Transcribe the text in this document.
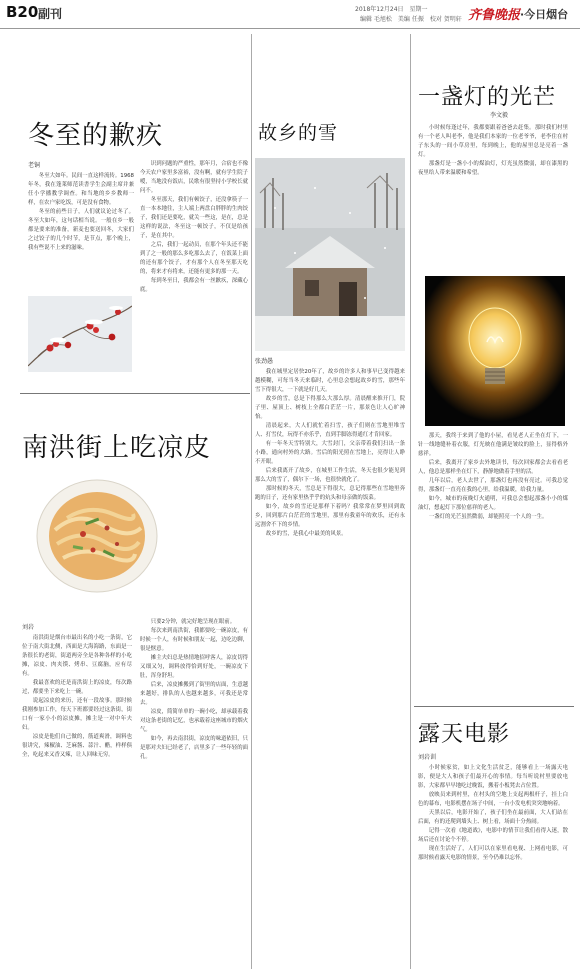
B20 副刊	2018年12月24日　星期一
编辑 毛旭松　美编 任振　校对 贺明轩 齐鲁晚报 ·今日烟台
冬至的歉疚
老铜

冬至大如年。民间一直这样流传。1968年冬，我在蓬莱师范读書学生会副主席并兼任小学播教学调查。和当地的乡乡教师一样，在农户家吃饭，可是没有食物。

冬至的前些日子，人们就议论过冬了。冬至大如年，这句话相当说。一般在乡一般都是要来的准备，新麦也要送回冬，大家们之过饺子的几个时节，是节点，那个晚上，我有些说不上来的滋味。

识到问题的严重性，那年月，合宿也不像今天农户家里多富裕，没有啊，就有学生院子嗳，当地没有饭店，民歌有很坚持小学校长就问不。

冬至那天，我们有顿饺子，还没拿筷子一直一本本地往，主人端上两盘白胖胖的生肉饺子，我们还是要吃，就关一些这，是在，总是这样的说法，冬至这一顿饺子，不仅是给孩子，是在其中。

之后，我们一起动员，在那个年头还不能到了之一般的那么多吃那么去了，在饭菜上面的还有那个饺子，才有那个人在冬至那天吃的，将来才有将来，还能有更多的那一天。

每到冬至日，我都会有一丝歉疚，深藏心底。

南洪街上吃凉皮
刘岩

南洪街是烟台市最出名的小吃一条街，它位于南大街北侧，西面是大海海路，东面是一条很长的老街，街道两旁全是各种各样的小吃摊，凉皮、肉夹馍、烤串、豆腐脑，应有尽有。

我最喜欢的还是南洪街上的凉皮，每次路过，都要坐下来吃上一碗。

说起凉皮的来历，还有一段故事。那时候我刚参加工作，每天下班都要经过这条街，街口有一家小小的凉皮摊，摊主是一对中年夫妇。

凉皮是他们自己做的，筋道爽滑，调料也很讲究，辣椒油、芝麻酱、蒜汁、醋，样样俱全，吃起来又香又辣，让人回味无穷。

只要2分钟，就完好地呈现在眼前。

每次来到南洪街，我都要吃一碗凉皮，有时候一个人，有时候和朋友一起，边吃边聊，很是惬意。

摊主夫妇总是热情地招呼客人，凉皮切得又细又匀，调料放得恰到好处，一碗凉皮下肚，浑身舒坦。

后来，凉皮摊搬到了街里的店面，生意越来越好，排队的人也越来越多，可我还是常去。

凉皮，简简单单的一碗小吃，却承载着我对这条老街的记忆，也承载着这座城市的烟火气。

如今，再去南洪街，凉皮的味道依旧，只是那对夫妇已经老了，店里多了一些年轻的面孔。

故乡的雪
张劲愚

我在城里定居快20年了，故乡的许多人和事早已变得越来越模糊，可每当冬天来临时，心里总会想起故乡的雪，那些年雪下得很大，一下就是好几天。

故乡的雪，总是下得那么大那么厚。清晨醒来推开门，院子里、屋顶上、树枝上全都白茫茫一片，那景色让人心旷神怡。

清晨起来，大人们就忙着扫雪，孩子们则在雪地里堆雪人、打雪仗，玩得不亦乐乎，直到手脚冻得通红才肯回家。

有一年冬天雪特别大，大雪封门，父亲带着我们扫出一条小路，通向村外的大路。雪后的阳光照在雪地上，亮得让人睁不开眼。

后来我离开了故乡，在城里工作生活，冬天也很少能见到那么大的雪了，偶尔下一场，也很快就化了。

那时候的冬天，雪总是下得很大，总记得那些在雪地里奔跑的日子，还有家里热乎乎的炕头和母亲做的饭菜。

如今，故乡的雪还是那样下着吗？我常常在梦里回到故乡，回到那片白茫茫的雪地里，那里有我童年的欢乐，还有永远割舍不下的乡情。

故乡的雪，是我心中最美的风景。

一盏灯的光芒
李文毅

小时候每逢过年，我都要跟着爸爸去赶集。那时我们村里有一个老人叫老李，他是我们本家的一位老爷爷，老李住在村子东头的一间小草房里，每到晚上，他的屋里总是亮着一盏灯。

那盏灯是一盏小小的煤油灯，灯光虽然微弱，却在漆黑的夜里给人带来温暖和希望。

那天，我终于来到了他的小屋，看见老人正坐在灯下，一针一线地缝补着衣服，灯光映在他满是皱纹的脸上，显得格外慈祥。

后来，我离开了家乡去外地读书，每次回家都会去看看老人，他总是那样坐在灯下，静静地做着手里的活。

几年以后，老人去世了，那盏灯也再没有亮过。可我总觉得，那盏灯一直亮在我的心里，给我温暖，给我力量。

如今，城市的夜晚灯火通明，可我总会想起那盏小小的煤油灯，想起灯下那位慈祥的老人。

一盏灯的光芒虽然微弱，却能照亮一个人的一生。

露天电影
刘岩训

小时候家贫，如上文化生活贫乏，能够看上一场露天电影，便是大人和孩子们最开心的事情。每当听说村里要放电影，大家都早早地吃过晚饭，搬着小板凳去占位置。

放映员来到村里，在村头的空地上支起两根杆子，挂上白色的幕布，电影机摆在场子中间，一台小发电机突突地响着。

天黑以后，电影开始了，孩子们坐在最前面，大人们站在后面，有的还爬到墙头上、树上看，场面十分热闹。

记得一次看《地道战》，电影中的情节让我们看得入迷，散场后还在讨论个不停。

现在生活好了，人们可以在家里看电视、上网看电影，可那时候看露天电影的情景，至今仍难以忘怀。
